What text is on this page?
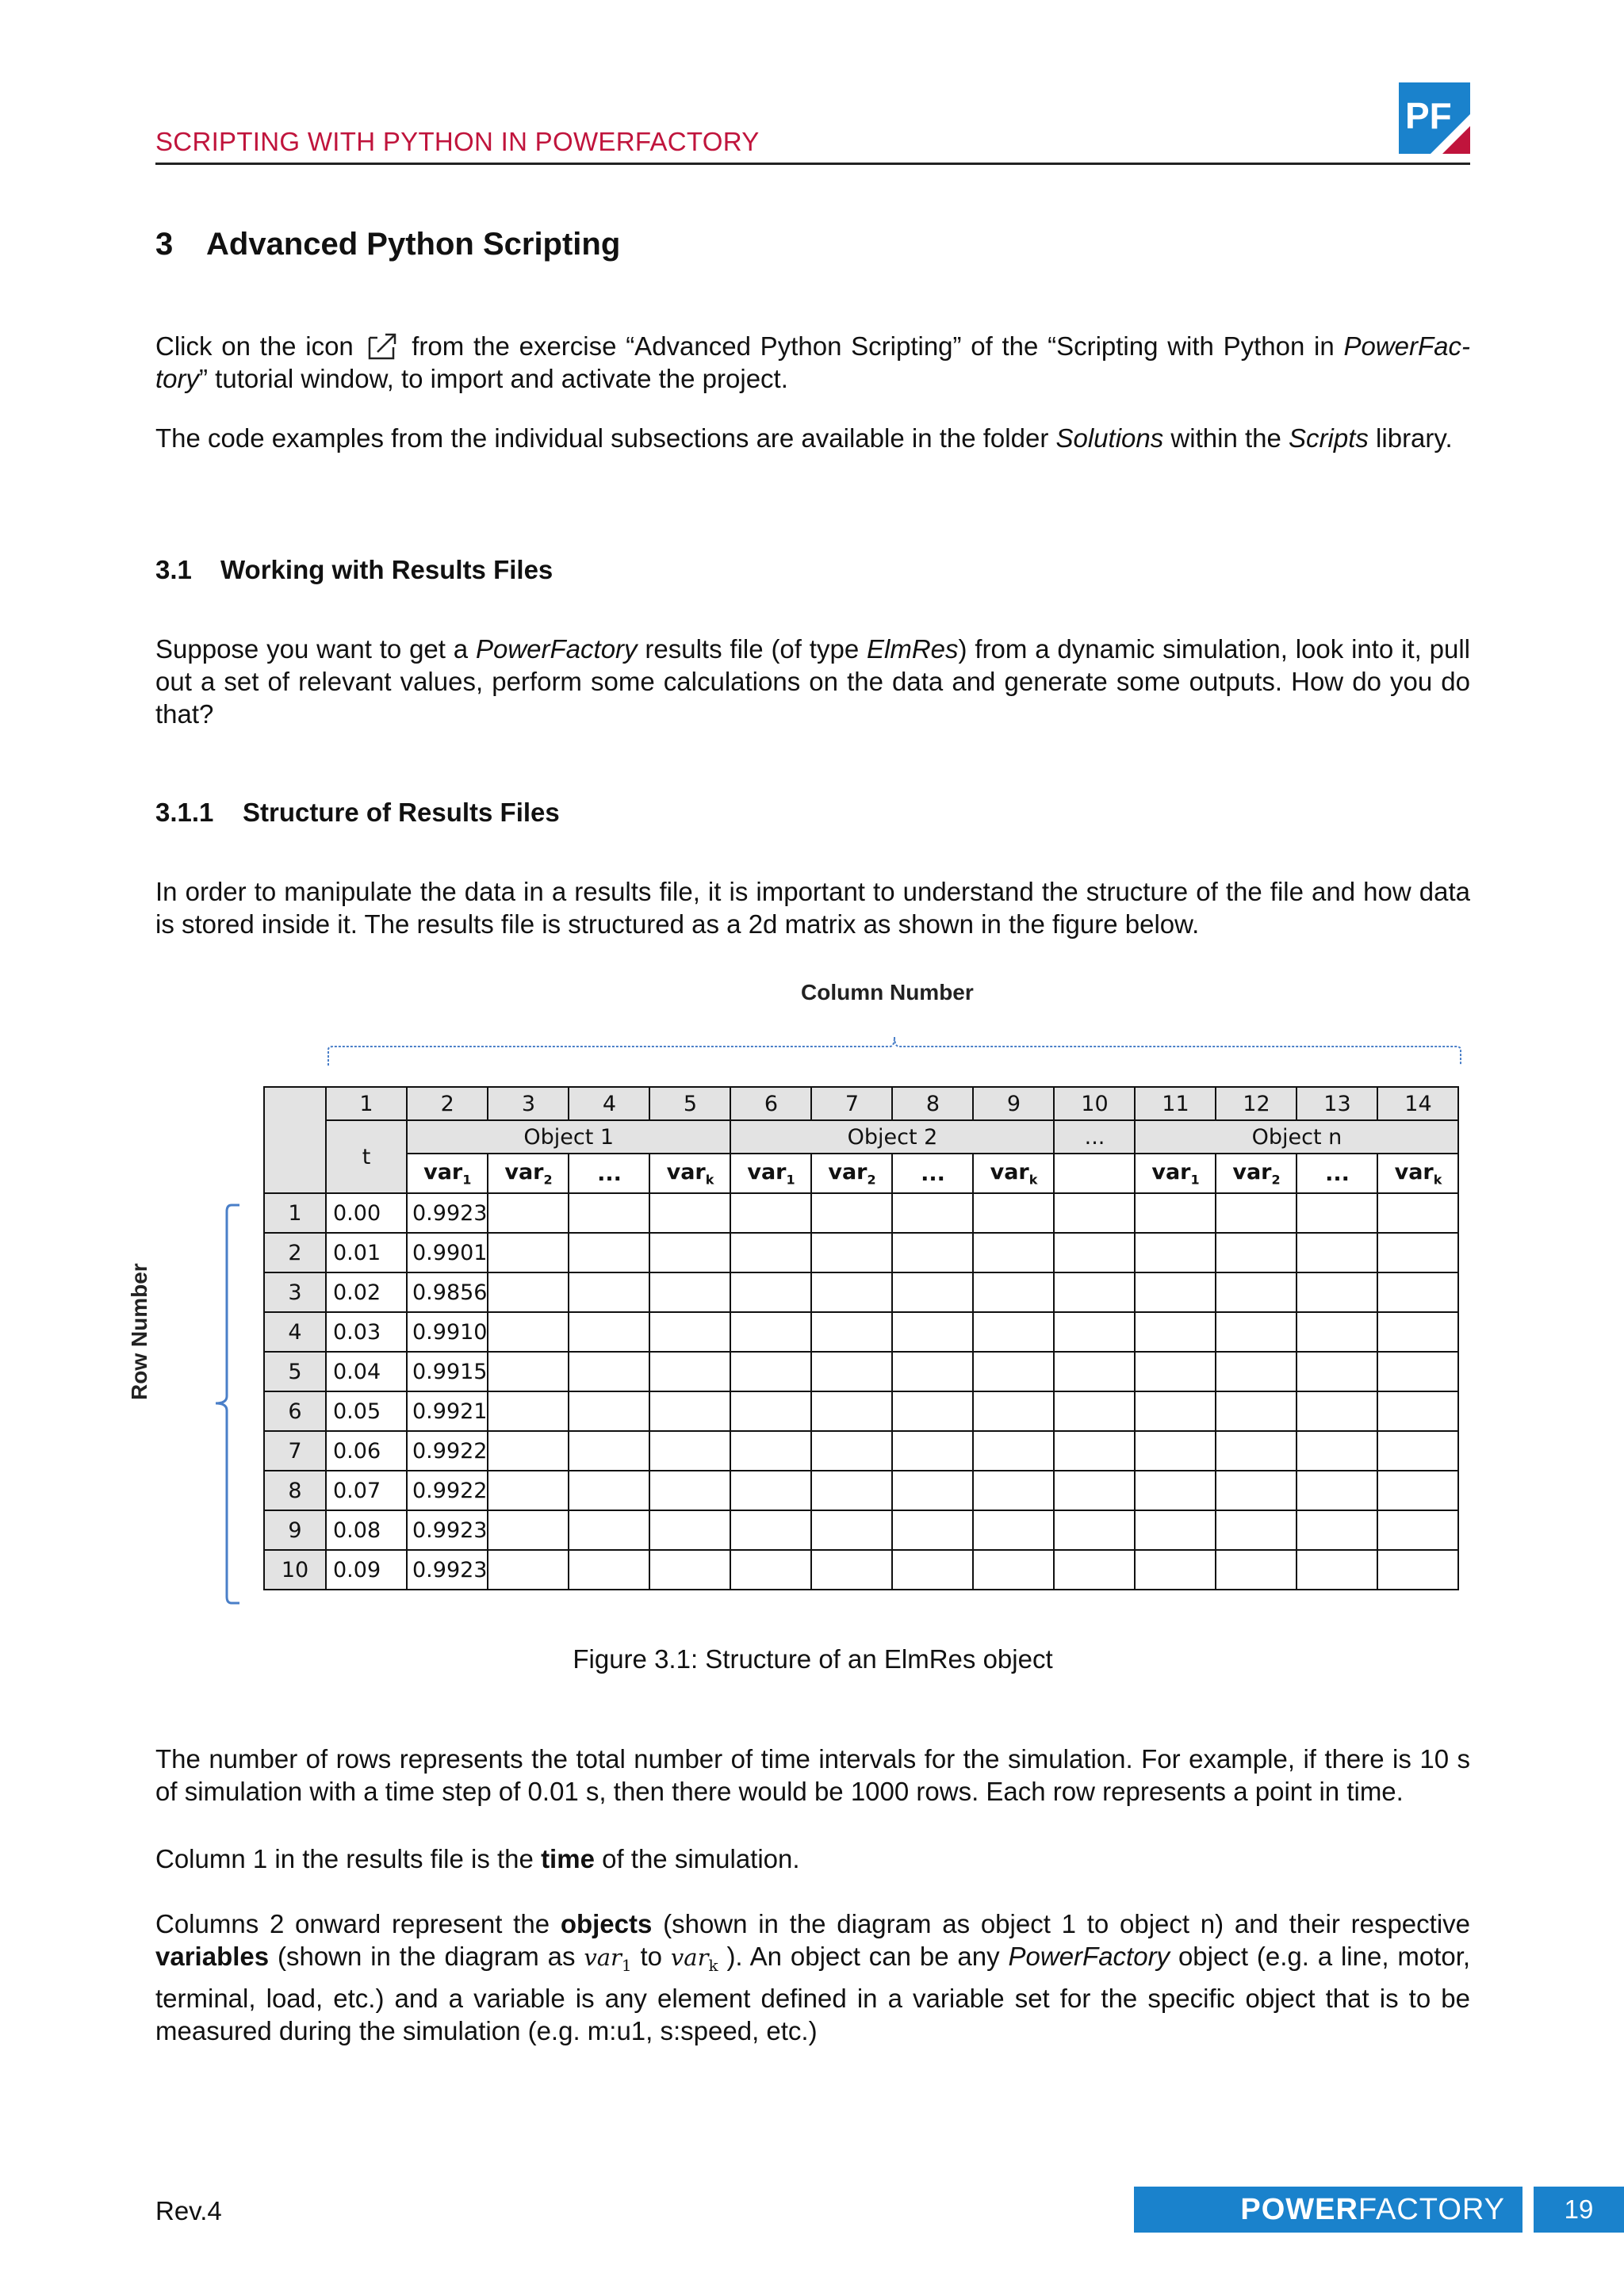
SCRIPTING WITH PYTHON IN POWERFACTORY
PF
3 Advanced Python Scripting
Click on the icon from the exercise “Advanced Python Scripting” of the “Scripting with Python in PowerFac-tory” tutorial window, to import and activate the project.
The code examples from the individual subsections are available in the folder Solutions within the Scripts library.
3.1 Working with Results Files
Suppose you want to get a PowerFactory results file (of type ElmRes) from a dynamic simulation, look into it, pull out a set of relevant values, perform some calculations on the data and generate some outputs. How do you do that?
3.1.1 Structure of Results Files
In order to manipulate the data in a results file, it is important to understand the structure of the file and how data is stored inside it. The results file is structured as a 2d matrix as shown in the figure below.
Column Number
Row Number
	1	2	3	4	5	6	7	8	9	10	11	12	13	14
	t	Object 1				Object 2				...	Object n			
		var$_1$	var$_2$	...	var$_k$	var$_1$	var$_2$	...	var$_k$		var$_1$	var$_2$	...	var$_k$
1	0.00	0.9923												
2	0.01	0.9901												
3	0.02	0.9856												
4	0.03	0.9910												
5	0.04	0.9915												
6	0.05	0.9921												
7	0.06	0.9922												
8	0.07	0.9922												
9	0.08	0.9923												
10	0.09	0.9923												
Figure 3.1: Structure of an ElmRes object
The number of rows represents the total number of time intervals for the simulation. For example, if there is 10 s of simulation with a time step of 0.01 s, then there would be 1000 rows. Each row represents a point in time.
Column 1 in the results file is the time of the simulation.
Columns 2 onward represent the objects (shown in the diagram as object 1 to object n) and their respective variables (shown in the diagram as var$_1$ to var$_k$ ). An object can be any PowerFactory object (e.g. a line, motor, terminal, load, etc.) and a variable is any element defined in a variable set for the specific object that is to be measured during the simulation (e.g. m:u1, s:speed, etc.)
Rev.4	POWERFACTORY	19
